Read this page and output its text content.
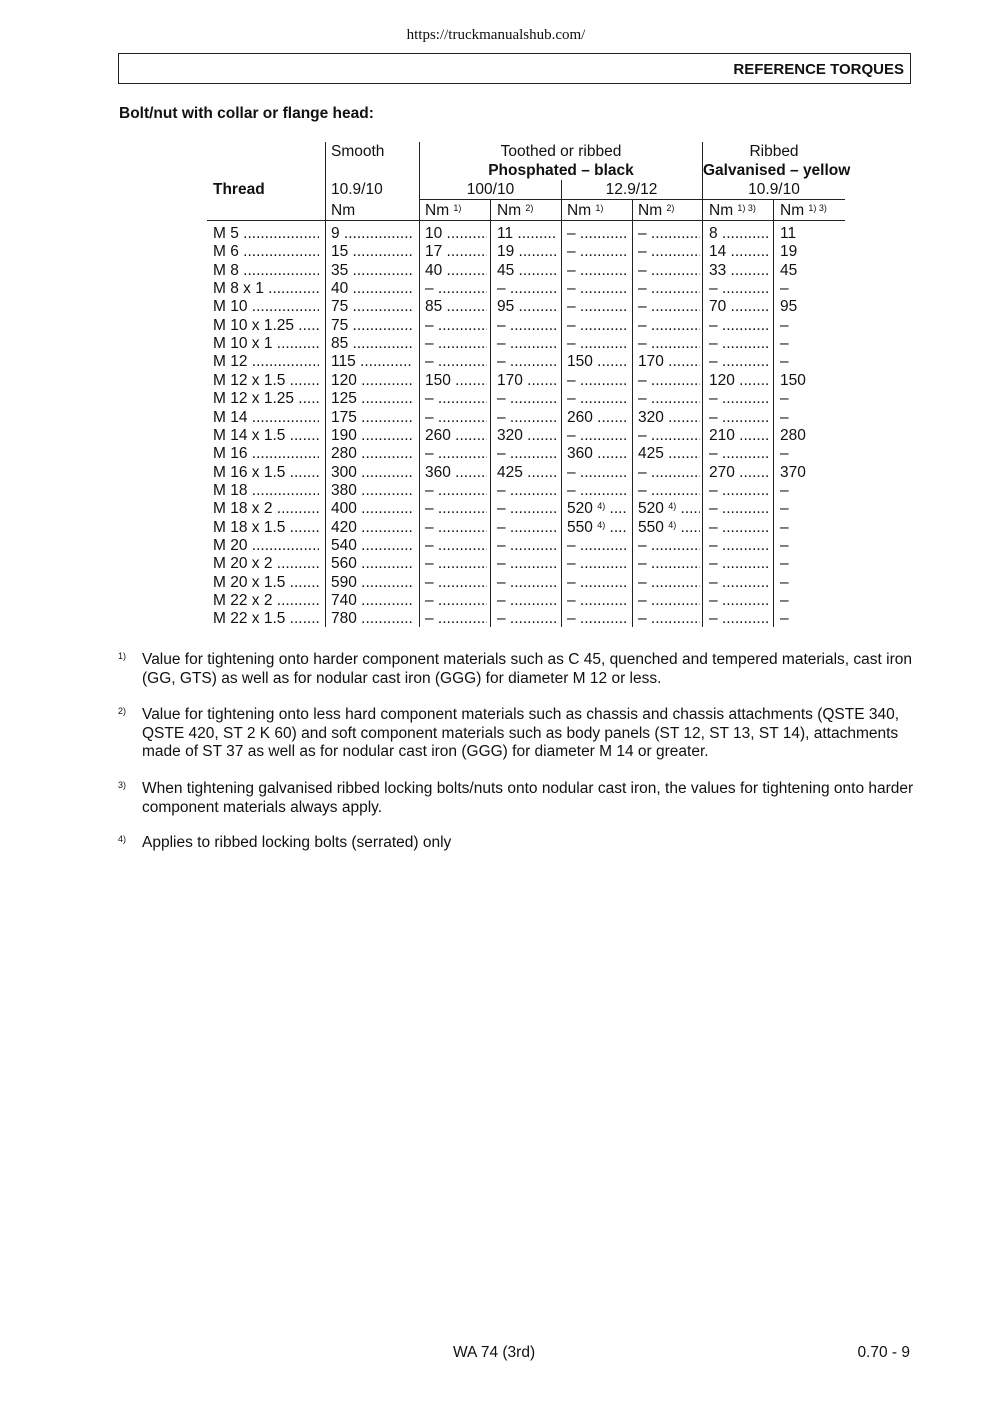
https://truckmanualshub.com/
REFERENCE TORQUES
Bolt/nut with collar or flange head:
Smooth	Toothed or ribbed
Phosphated – black
Ribbed
Galvanised – yellow
Thread	10.9/10	100/10	12.9/12	10.9/10
Nm	Nm $^{1)}$ Nm $^{2)}$ Nm $^{1)}$ Nm $^{2)}$ Nm $^{1) 3)}$ Nm $^{1) 3)}$
M 5 .....	9 .....	10 .....	11 .....	– .....	– .....	8 .....	11
M 6 .....	15 .....	17 .....	19 .....	– .....	– .....	14 .....	19
M 8 .....	35 .....	40 .....	45 .....	– .....	– .....	33 .....	45
M 8 x 1 .....	40 .....	– .....	– .....	– .....	– .....	– .....	–
M 10 .....	75 .....	85 .....	95 .....	– .....	– .....	70 .....	95
M 10 x 1.25 .....	75 .....	– .....	– .....	– .....	– .....	– .....	–
M 10 x 1 .....	85 .....	– .....	– .....	– .....	– .....	– .....	–
M 12 .....	115 .....	– .....	– .....	150 .....	170 .....	– .....	–
M 12 x 1.5 .....	120 .....	150 .....	170 .....	– .....	– .....	120 .....	150
M 12 x 1.25 .....	125 .....	– .....	– .....	– .....	– .....	– .....	–
M 14 .....	175 .....	– .....	– .....	260 .....	320 .....	– .....	–
M 14 x 1.5 .....	190 .....	260 .....	320 .....	– .....	– .....	210 .....	280
M 16 .....	280 .....	– .....	– .....	360 .....	425 .....	– .....	–
M 16 x 1.5 .....	300 .....	360 .....	425 .....	– .....	– .....	270 .....	370
M 18 .....	380 .....	– .....	– .....	– .....	– .....	– .....	–
M 18 x 2 .....	400 .....	– .....	– .....	520 $^{4)}$ .....	520 $^{4)}$ .....	– .....	–
M 18 x 1.5 .....	420 .....	– .....	– .....	550 $^{4)}$ .....	550 $^{4)}$ .....	– .....	–
M 20 .....	540 .....	– .....	– .....	– .....	– .....	– .....	–
M 20 x 2 .....	560 .....	– .....	– .....	– .....	– .....	– .....	–
M 20 x 1.5 .....	590 .....	– .....	– .....	– .....	– .....	– .....	–
M 22 x 2 .....	740 .....	– .....	– .....	– .....	– .....	– .....	–
M 22 x 1.5 .....	780 .....	– .....	– .....	– .....	– .....	– .....	–
1) Value for tightening onto harder component materials such as C 45, quenched and tempered materials, cast iron (GG, GTS) as well as for nodular cast iron (GGG) for diameter M 12 or less.
2) Value for tightening onto less hard component materials such as chassis and chassis attachments (QSTE 340, QSTE 420, ST 2 K 60) and soft component materials such as body panels (ST 12, ST 13, ST 14), attachments made of ST 37 as well as for nodular cast iron (GGG) for diameter M 14 or greater.
3) When tightening galvanised ribbed locking bolts/nuts onto nodular cast iron, the values for tightening onto harder component materials always apply.
4) Applies to ribbed locking bolts (serrated) only
WA 74 (3rd)	0.70 - 9
